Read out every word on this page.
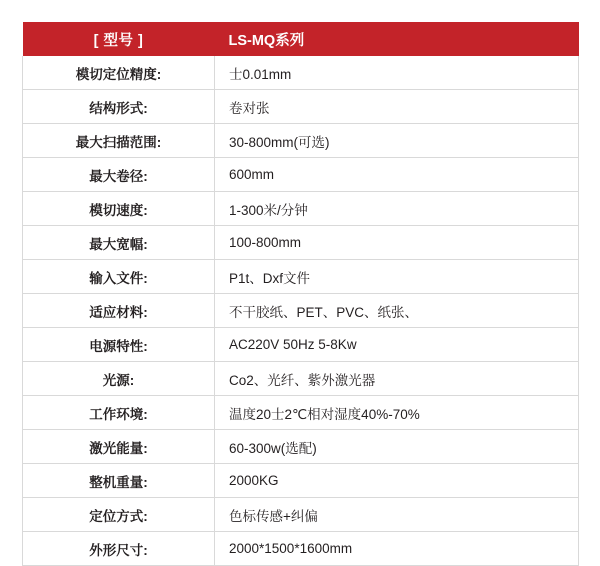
[ 型号 ]	LS-MQ系列
模切定位精度:	士0.01mm
结构形式:	卷对张
最大扫描范围:	30-800mm(可选)
最大卷径:	600mm
模切速度:	1-300米/分钟
最大宽幅:	100-800mm
输入文件:	P1t、Dxf文件
适应材料:	不干胶纸、PET、PVC、纸张、
电源特性:	AC220V 50Hz 5-8Kw
光源:	Co2、光纤、紫外激光器
工作环境:	温度20士2℃相对湿度40%-70%
激光能量:	60-300w(选配)
整机重量:	2000KG
定位方式:	色标传感+纠偏
外形尺寸:	2000*1500*1600mm
